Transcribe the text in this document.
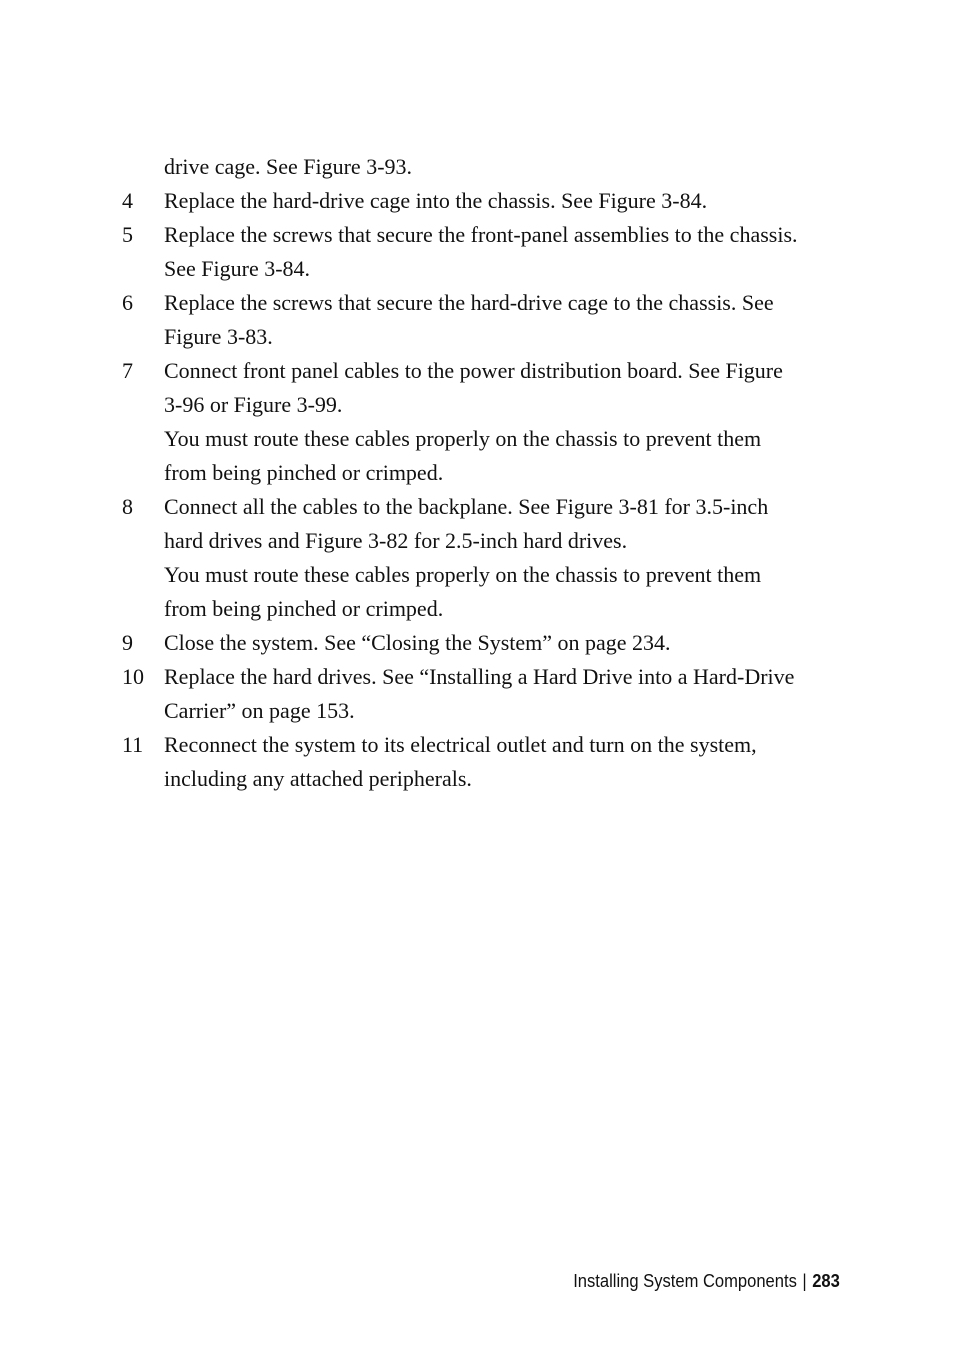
drive cage. See Figure 3-93.
4 Replace the hard-drive cage into the chassis. See Figure 3-84.
5 Replace the screws that secure the front-panel assemblies to the chassis.
See Figure 3-84.
6 Replace the screws that secure the hard-drive cage to the chassis. See
Figure 3-83.
7 Connect front panel cables to the power distribution board. See Figure
3-96 or Figure 3-99.
You must route these cables properly on the chassis to prevent them
from being pinched or crimped.
8 Connect all the cables to the backplane. See Figure 3-81 for 3.5-inch
hard drives and Figure 3-82 for 2.5-inch hard drives.
You must route these cables properly on the chassis to prevent them
from being pinched or crimped.
9 Close the system. See “Closing the System” on page 234.
10 Replace the hard drives. See “Installing a Hard Drive into a Hard-Drive
Carrier” on page 153.
11 Reconnect the system to its electrical outlet and turn on the system,
including any attached peripherals.
Installing System Components | 283
